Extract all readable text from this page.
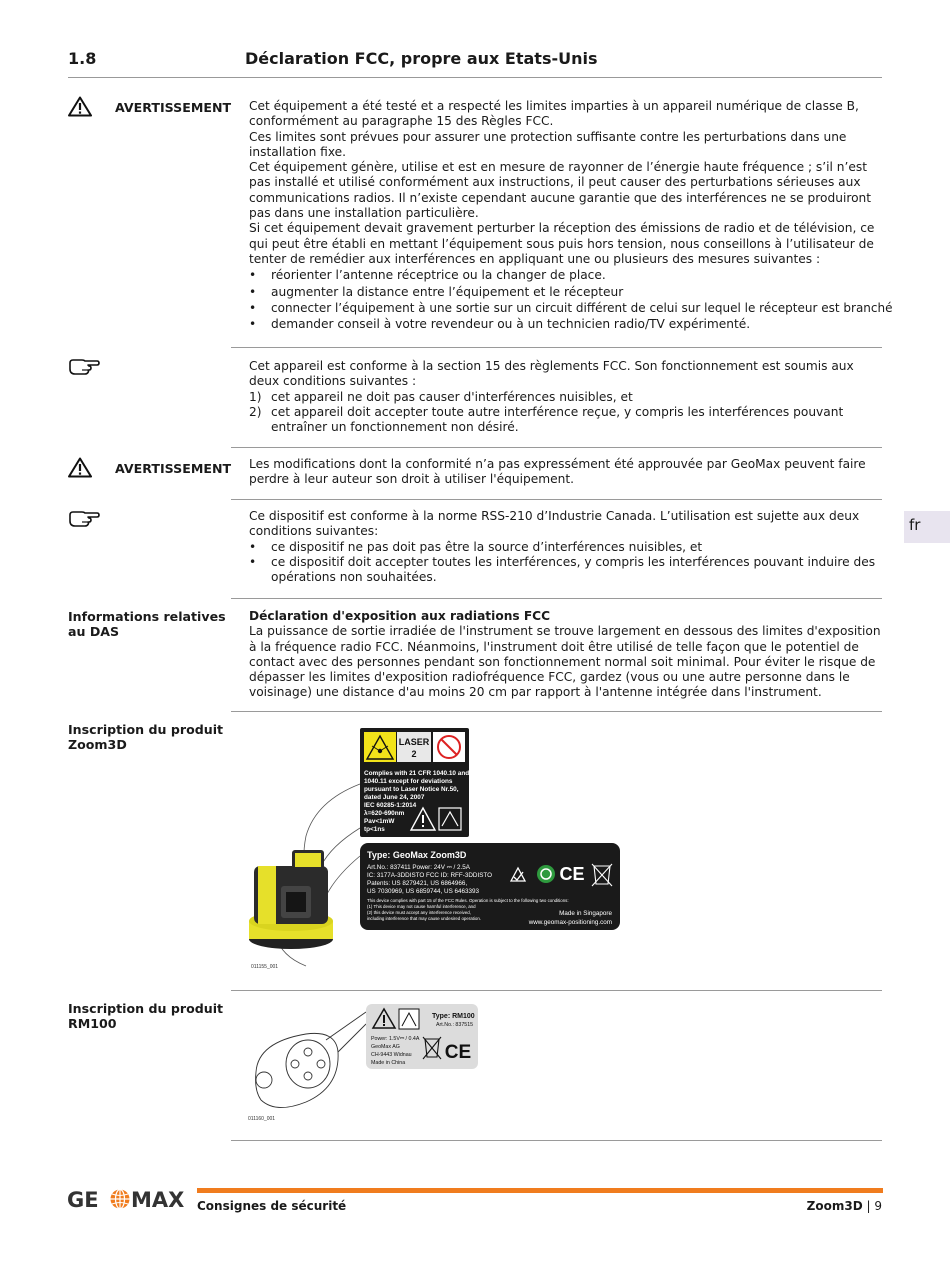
1.8	Déclaration FCC, propre aux Etats-Unis
AVERTISSEMENT Cet équipement a été testé et a respecté les limites imparties à un appareil numérique de classe B, conformément au paragraphe 15 des Règles FCC.

Ces limites sont prévues pour assurer une protection suffisante contre les perturbations dans une installation fixe.

Cet équipement génère, utilise et est en mesure de rayonner de l’énergie haute fréquence ; s’il n’est pas installé et utilisé conformément aux instructions, il peut causer des perturbations sérieuses aux communications radios. Il n’existe cependant aucune garantie que des interférences ne se produiront pas dans une installation particulière.

Si cet équipement devait gravement perturber la réception des émissions de radio et de télévision, ce qui peut être établi en mettant l’équipement sous puis hors tension, nous conseillons à l’utilisateur de tenter de remédier aux interférences en appliquant une ou plusieurs des mesures suivantes :

• réorienter l’antenne réceptrice ou la changer de place.
• augmenter la distance entre l’équipement et le récepteur
• connecter l’équipement à une sortie sur un circuit différent de celui sur lequel le récepteur est branché
• demander conseil à votre revendeur ou à un technicien radio/TV expérimenté.

Cet appareil est conforme à la section 15 des règlements FCC. Son fonctionnement est soumis aux deux conditions suivantes :

1) cet appareil ne doit pas causer d'interférences nuisibles, et
2) cet appareil doit accepter toute autre interférence reçue, y compris les interférences pouvant entraîner un fonctionnement non désiré.
AVERTISSEMENT Les modifications dont la conformité n’a pas expressément été approuvée par GeoMax peuvent faire perdre à leur auteur son droit à utiliser l'équipement.

Ce dispositif est conforme à la norme RSS-210 d’Industrie Canada. L’utilisation est sujette aux deux conditions suivantes:

• ce dispositif ne pas doit pas être la source d’interférences nuisibles, et
• ce dispositif doit accepter toutes les interférences, y compris les interférences pouvant induire des opérations non souhaitées.
fr
Informations relatives
au DAS

Déclaration d'exposition aux radiations FCC

La puissance de sortie irradiée de l'instrument se trouve largement en dessous des limites d'exposition à la fréquence radio FCC. Néanmoins, l'instrument doit être utilisé de telle façon que le potentiel de contact avec des personnes pendant son fonctionnement normal soit minimal. Pour éviter le risque de dépasser les limites d'exposition radiofréquence FCC, gardez (vous ou une autre personne dans le voisinage) une distance d'au moins 20 cm par rapport à l'antenne intégrée dans l'instrument.

Inscription du produit
Zoom3D
011155_001
LASER
2
Complies with 21 CFR 1040.10 and
1040.11 except for deviations
pursuant to Laser Notice Nr.50,
dated June 24, 2007
IEC 60285-1:2014
λ=620-690nm
Pav<1mW
tp<1ns
Type: GeoMax Zoom3D
Art.No.: 837411 Power: 24V ⎓ / 2.5A
IC: 3177A-3DDISTO FCC ID: RFF-3DDISTO
Patents: US 8279421, US 6864966,
US 7030969, US 6859744, US 6463393
This device complies with part 15 of the FCC Rules. Operation is subject to the following two conditions:
(1) This device may not cause harmful interference, and
(2) this device must accept any interference received,
including interference that may cause undesired operation.
Made in Singapore
www.geomax-positioning.com
CE
Inscription du produit
RM100
011160_001
Type: RM100
Art.No.: 837515
Power: 1.5V⎓ / 0.4A
GeoMax AG
CH-9443 Widnau
Made in China CE
GE MAX Consignes de sécurité	Zoom3D | 9
